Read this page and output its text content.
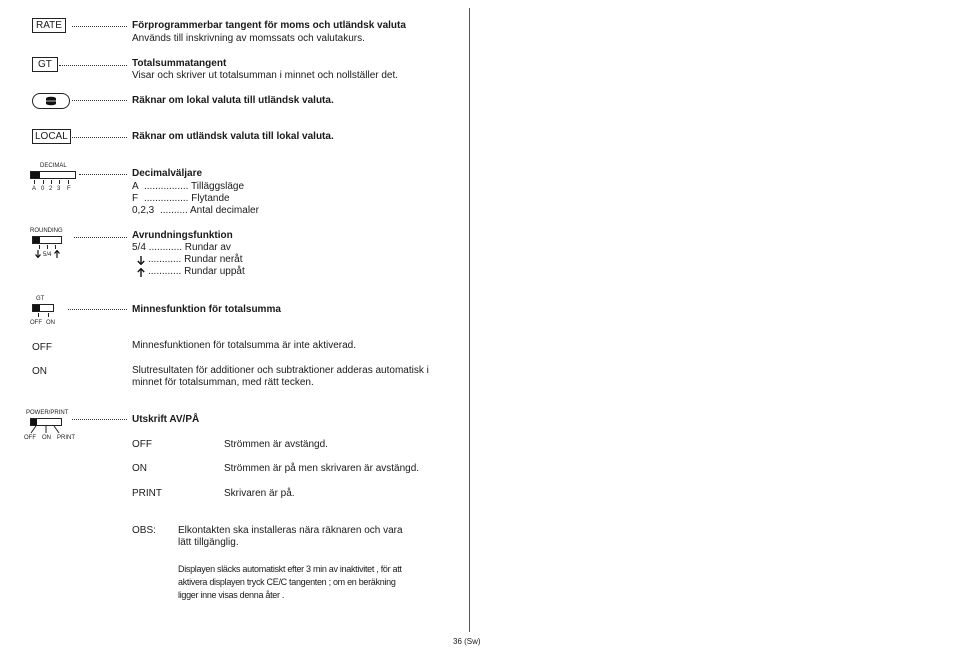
RATE	Förprogrammerbar tangent för moms och utländsk valuta
Används till inskrivning av momssats och valutakurs.
GT	Totalsummatangent
Visar och skriver ut totalsumman i minnet och nollställer det.
Räknar om lokal valuta till utländsk valuta.
LOCAL	Räknar om utländsk valuta till lokal valuta.
DECIMAL
A 0 2 3 F
Decimalväljare
A ................ Tilläggsläge
F ................ Flytande
0,2,3 .......... Antal decimaler
ROUNDING
5/4
Avrundningsfunktion
5/4 ............ Rundar av
............ Rundar neråt
............ Rundar uppåt
GT
OFF ON
Minnesfunktion för totalsumma
OFF	Minnesfunktionen för totalsumma är inte aktiverad.
ON	Slutresultaten för additioner och subtraktioner adderas automatisk i
minnet för totalsumman, med rätt tecken.
POWER/PRINT
OFF ON PRINT
Utskrift AV/PÅ
OFF	Strömmen är avstängd.
ON	Strömmen är på men skrivaren är avstängd.
PRINT	Skrivaren är på.
OBS: Elkontakten ska installeras nära räknaren och vara
lätt tillgänglig.
Displayen släcks automatiskt efter 3 min av inaktivitet , för att
aktivera displayen tryck CE/C tangenten ; om en beräkning
ligger inne visas denna åter .
36 (Sw)
